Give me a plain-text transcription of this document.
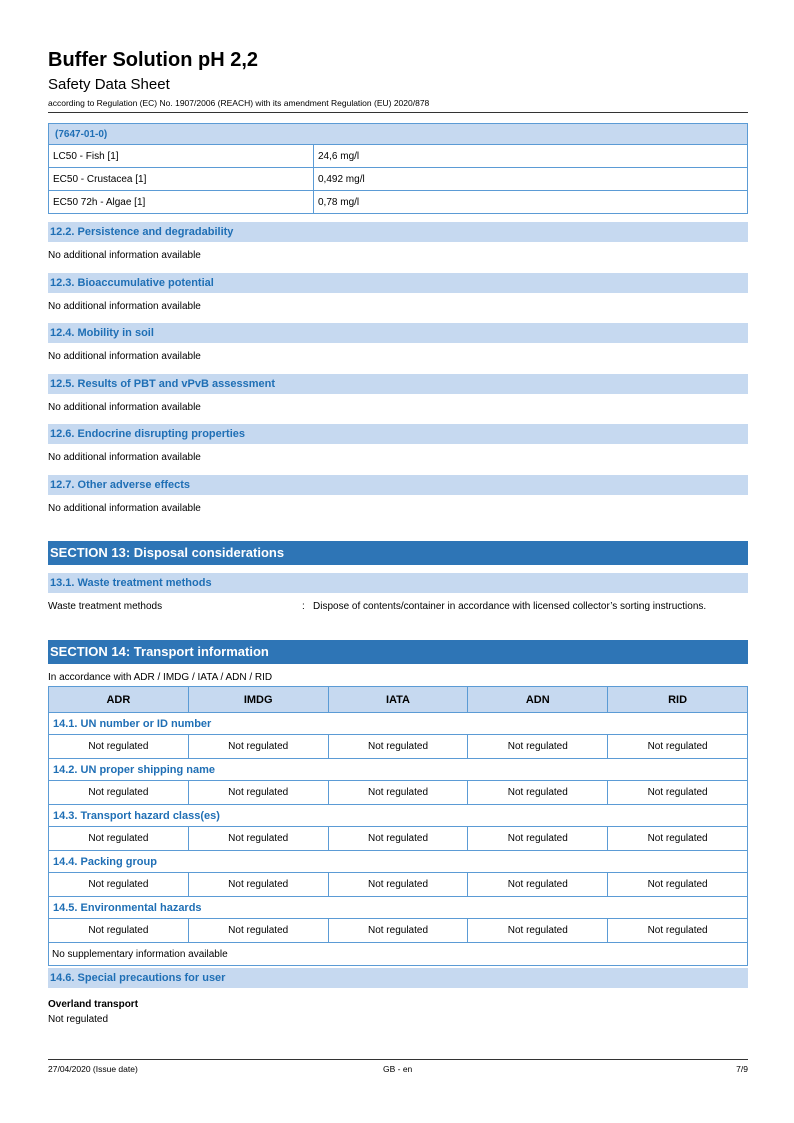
Buffer Solution pH 2,2
Safety Data Sheet
according to Regulation (EC) No. 1907/2006 (REACH) with its amendment Regulation (EU) 2020/878
(7647-01-0)	
LC50 - Fish [1]	24,6 mg/l
EC50 - Crustacea [1]	0,492 mg/l
EC50 72h - Algae [1]	0,78 mg/l
12.2. Persistence and degradability
No additional information available
12.3. Bioaccumulative potential
No additional information available
12.4. Mobility in soil
No additional information available
12.5. Results of PBT and vPvB assessment
No additional information available
12.6. Endocrine disrupting properties
No additional information available
12.7. Other adverse effects
No additional information available
SECTION 13: Disposal considerations
13.1. Waste treatment methods
Waste treatment methods	: Dispose of contents/container in accordance with licensed collector’s sorting instructions.
SECTION 14: Transport information
In accordance with ADR / IMDG / IATA / ADN / RID
ADR	IMDG	IATA	ADN	RID
14.1. UN number or ID number				
Not regulated	Not regulated	Not regulated	Not regulated	Not regulated
14.2. UN proper shipping name				
Not regulated	Not regulated	Not regulated	Not regulated	Not regulated
14.3. Transport hazard class(es)				
Not regulated	Not regulated	Not regulated	Not regulated	Not regulated
14.4. Packing group				
Not regulated	Not regulated	Not regulated	Not regulated	Not regulated
14.5. Environmental hazards				
Not regulated	Not regulated	Not regulated	Not regulated	Not regulated
No supplementary information available				
14.6. Special precautions for user
Overland transport
Not regulated
27/04/2020 (Issue date)	GB - en	7/9
